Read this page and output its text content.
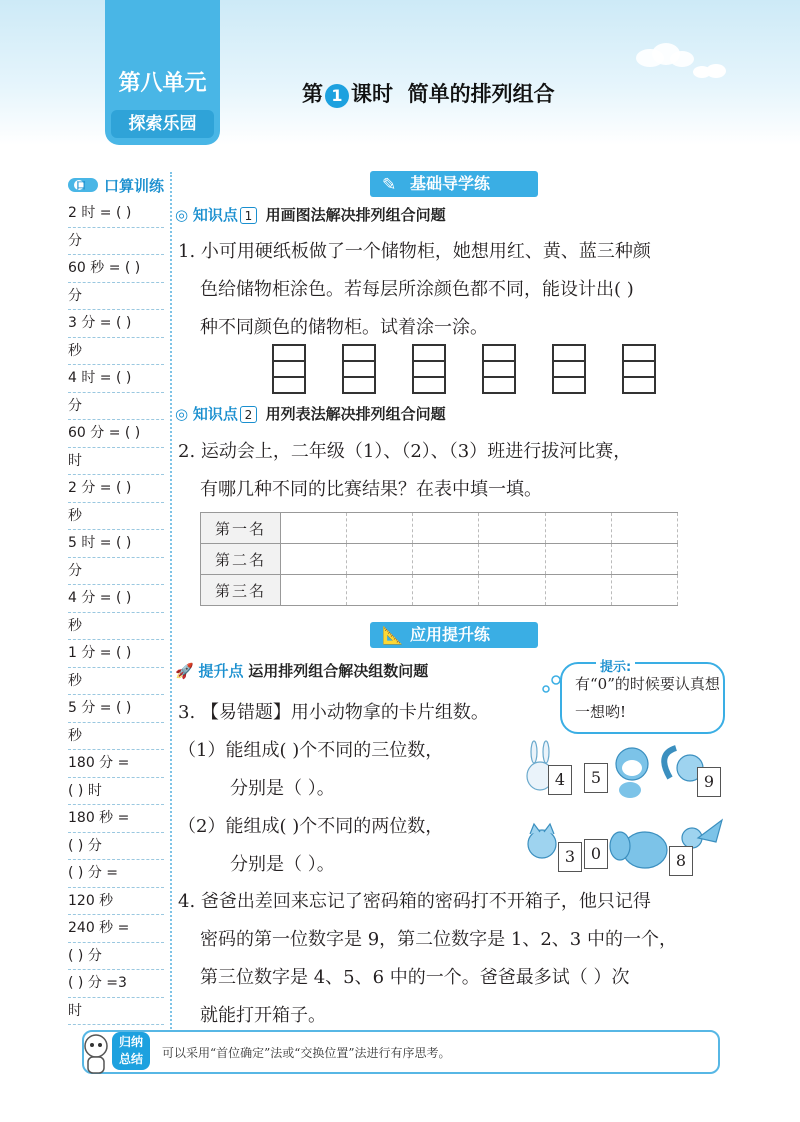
第八单元
探索乐园
第 1 课时 简单的排列组合
口 口算训练
2 时 = ( )
分
60 秒 = ( )
分
3 分 = ( )
秒
4 时 = ( )
分
60 分 = ( )
时
2 分 = ( )
秒
5 时 = ( )
分
4 分 = ( )
秒
1 分 = ( )
秒
5 分 = ( )
秒
180 分 =
( ) 时
180 秒 =
( ) 分
( ) 分 =
120 秒
240 秒 =
( ) 分
( ) 分 =3
时
✎ 基础导学练
◎ 知识点 1 用画图法解决排列组合问题
1. 小可用硬纸板做了一个储物柜，她想用红、黄、蓝三种颜
色给储物柜涂色。若每层所涂颜色都不同，能设计出( )
种不同颜色的储物柜。试着涂一涂。
◎ 知识点 2 用列表法解决排列组合问题
2. 运动会上，二年级（1）、（2）、（3）班进行拔河比赛，
有哪几种不同的比赛结果？在表中填一填。
第一名						
第二名						
第三名						
📐 应用提升练
🚀 提升点 运用排列组合解决组数问题	提示:
有“0”的时候要认真想一想哟!
3. 【易错题】用小动物拿的卡片组数。
（1）能组成( )个不同的三位数，
分别是（ ）。
（2）能组成( )个不同的两位数，
分别是（ ）。
4	5	9
3 0	8
4. 爸爸出差回来忘记了密码箱的密码打不开箱子，他只记得
密码的第一位数字是 9，第二位数字是 1、2、3 中的一个，
第三位数字是 4、5、6 中的一个。爸爸最多试（ ）次
就能打开箱子。
归纳
总结	可以采用“首位确定”法或“交换位置”法进行有序思考。
